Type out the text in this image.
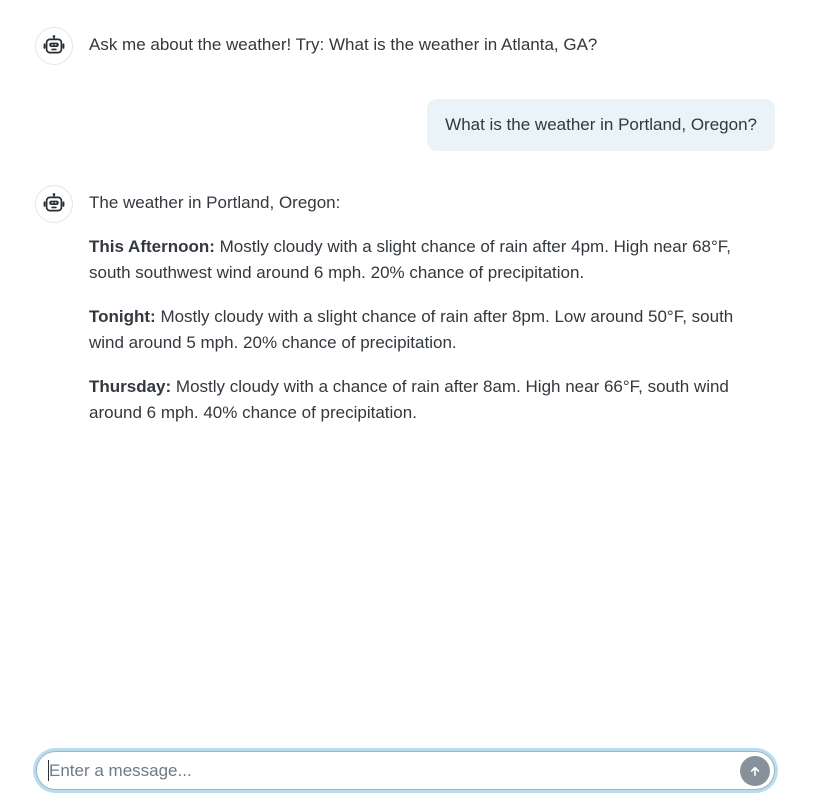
Ask me about the weather! Try: What is the weather in Atlanta, GA?
What is the weather in Portland, Oregon?

The weather in Portland, Oregon:

This Afternoon: Mostly cloudy with a slight chance of rain after 4pm. High near 68°F, south southwest wind around 6 mph. 20% chance of precipitation.

Tonight: Mostly cloudy with a slight chance of rain after 8pm. Low around 50°F, south wind around 5 mph. 20% chance of precipitation.

Thursday: Mostly cloudy with a chance of rain after 8am. High near 66°F, south wind around 6 mph. 40% chance of precipitation.

Enter a message...
